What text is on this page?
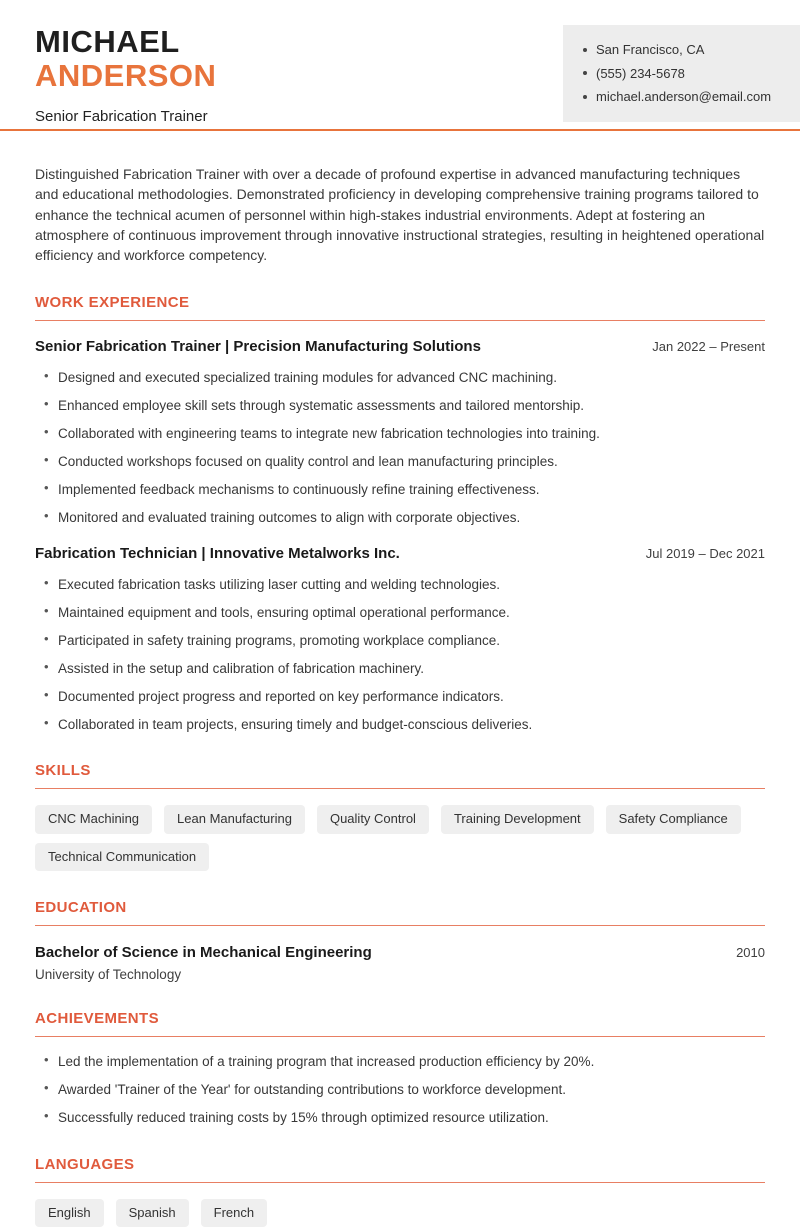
MICHAEL
ANDERSON
Senior Fabrication Trainer
San Francisco, CA
(555) 234-5678
michael.anderson@email.com

Distinguished Fabrication Trainer with over a decade of profound expertise in advanced manufacturing techniques and educational methodologies. Demonstrated proficiency in developing comprehensive training programs tailored to enhance the technical acumen of personnel within high-stakes industrial environments. Adept at fostering an atmosphere of continuous improvement through innovative instructional strategies, resulting in heightened operational efficiency and workforce competency.

WORK EXPERIENCE
Senior Fabrication Trainer | Precision Manufacturing Solutions	Jan 2022 – Present
• Designed and executed specialized training modules for advanced CNC machining.
• Enhanced employee skill sets through systematic assessments and tailored mentorship.
• Collaborated with engineering teams to integrate new fabrication technologies into training.
• Conducted workshops focused on quality control and lean manufacturing principles.
• Implemented feedback mechanisms to continuously refine training effectiveness.
• Monitored and evaluated training outcomes to align with corporate objectives.
Fabrication Technician | Innovative Metalworks Inc.	Jul 2019 – Dec 2021
• Executed fabrication tasks utilizing laser cutting and welding technologies.
• Maintained equipment and tools, ensuring optimal operational performance.
• Participated in safety training programs, promoting workplace compliance.
• Assisted in the setup and calibration of fabrication machinery.
• Documented project progress and reported on key performance indicators.
• Collaborated in team projects, ensuring timely and budget-conscious deliveries.
SKILLS
CNC Machining	Lean Manufacturing	Quality Control	Training Development	Safety Compliance
Technical Communication
EDUCATION
Bachelor of Science in Mechanical Engineering	2010
University of Technology
ACHIEVEMENTS
• Led the implementation of a training program that increased production efficiency by 20%.
• Awarded 'Trainer of the Year' for outstanding contributions to workforce development.
• Successfully reduced training costs by 15% through optimized resource utilization.
LANGUAGES
English	Spanish	French
